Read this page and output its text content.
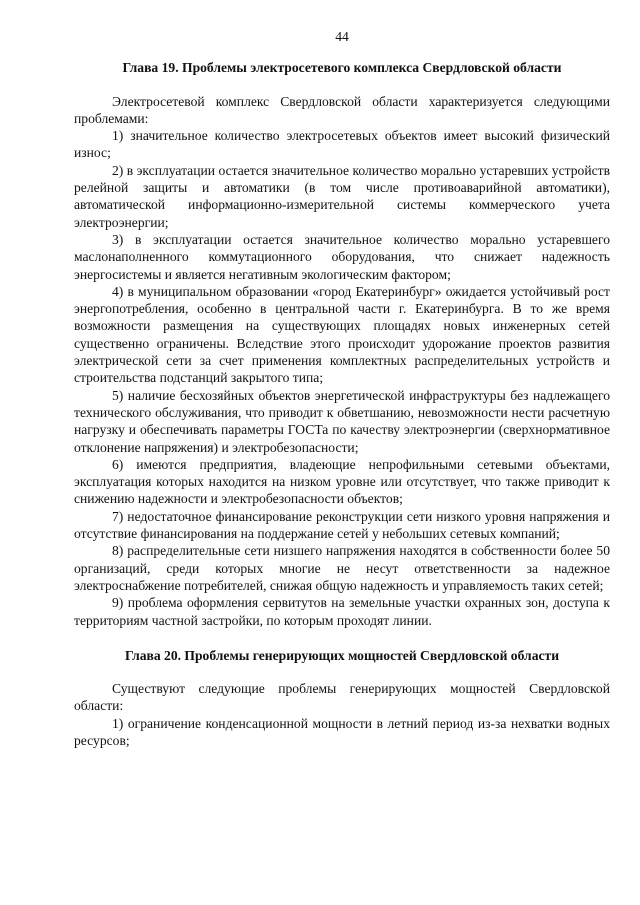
44
Глава 19. Проблемы электросетевого комплекса Свердловской области

Электросетевой комплекс Свердловской области характеризуется следующими проблемами:

1) значительное количество электросетевых объектов имеет высокий физический износ;

2) в эксплуатации остается значительное количество морально устаревших устройств релейной защиты и автоматики (в том числе противоаварийной автоматики), автоматической информационно-измерительной системы коммерческого учета электроэнергии;

3) в эксплуатации остается значительное количество морально устаревшего маслонаполненного коммутационного оборудования, что снижает надежность энергосистемы и является негативным экологическим фактором;

4) в муниципальном образовании «город Екатеринбург» ожидается устойчивый рост энергопотребления, особенно в центральной части г. Екатеринбурга. В то же время возможности размещения на существующих площадях новых инженерных сетей существенно ограничены. Вследствие этого происходит удорожание проектов развития электрической сети за счет применения комплектных распределительных устройств и строительства подстанций закрытого типа;

5) наличие бесхозяйных объектов энергетической инфраструктуры без надлежащего технического обслуживания, что приводит к обветшанию, невозможности нести расчетную нагрузку и обеспечивать параметры ГОСТа по качеству электроэнергии (сверхнормативное отклонение напряжения) и электробезопасности;

6) имеются предприятия, владеющие непрофильными сетевыми объектами, эксплуатация которых находится на низком уровне или отсутствует, что также приводит к снижению надежности и электробезопасности объектов;

7) недостаточное финансирование реконструкции сети низкого уровня напряжения и отсутствие финансирования на поддержание сетей у небольших сетевых компаний;

8) распределительные сети низшего напряжения находятся в собственности более 50 организаций, среди которых многие не несут ответственности за надежное электроснабжение потребителей, снижая общую надежность и управляемость таких сетей;

9) проблема оформления сервитутов на земельные участки охранных зон, доступа к территориям частной застройки, по которым проходят линии.

Глава 20. Проблемы генерирующих мощностей Свердловской области

Существуют следующие проблемы генерирующих мощностей Свердловской области:

1) ограничение конденсационной мощности в летний период из-за нехватки водных ресурсов;
